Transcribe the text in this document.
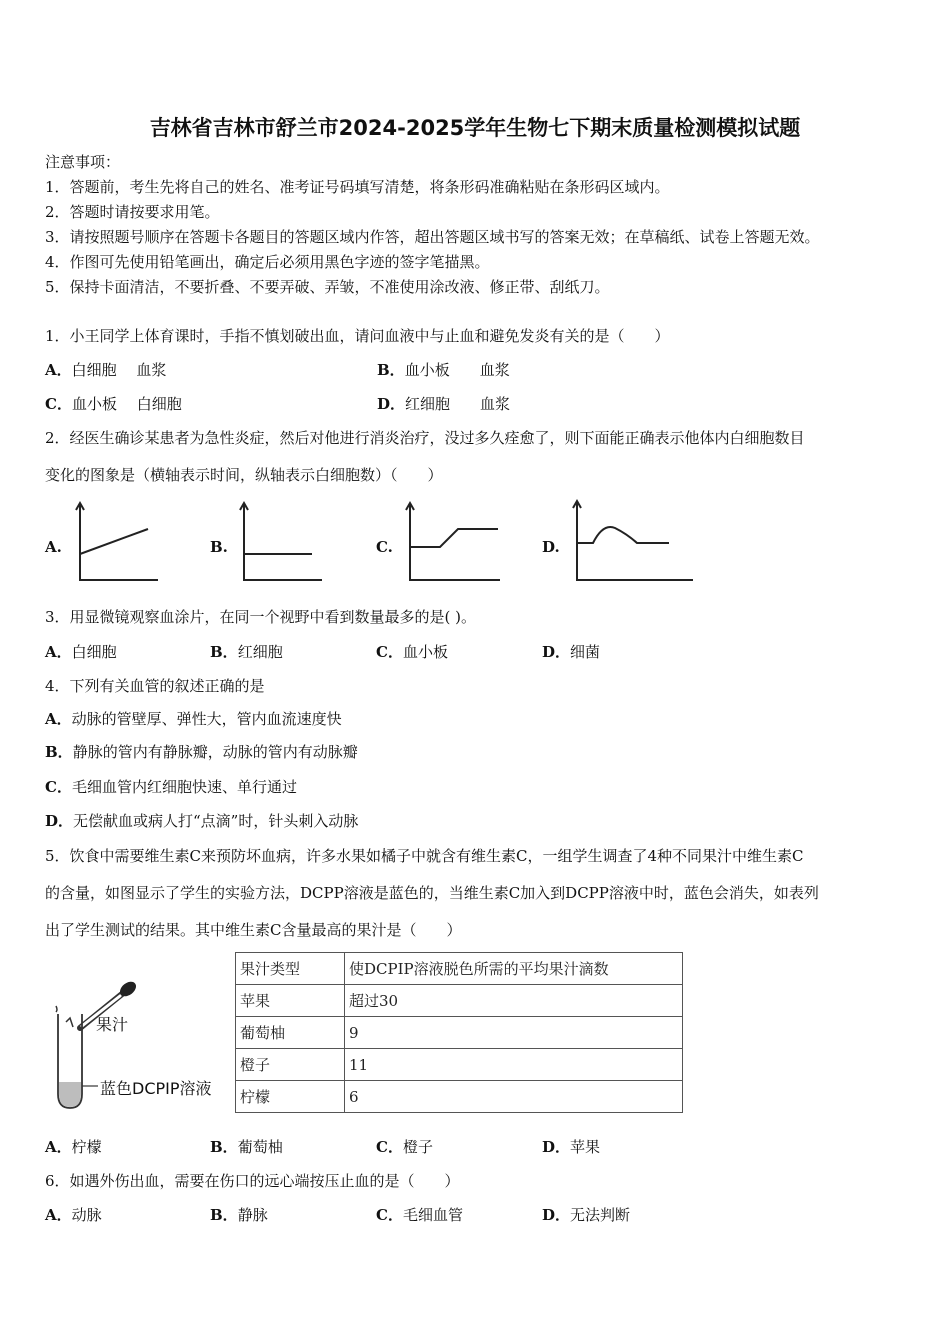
吉林省吉林市舒兰市2024-2025学年生物七下期末质量检测模拟试题
注意事项：
1．答题前，考生先将自己的姓名、准考证号码填写清楚，将条形码准确粘贴在条形码区域内。
2．答题时请按要求用笔。
3．请按照题号顺序在答题卡各题目的答题区域内作答，超出答题区域书写的答案无效；在草稿纸、试卷上答题无效。
4．作图可先使用铅笔画出，确定后必须用黑色字迹的签字笔描黑。
5．保持卡面清洁，不要折叠、不要弄破、弄皱，不准使用涂改液、修正带、刮纸刀。
1．小王同学上体育课时，手指不慎划破出血，请问血液中与止血和避免发炎有关的是（　　）
A．白细胞　 血浆	B．血小板　　血浆
C．血小板　 白细胞	D．红细胞　　血浆
2．经医生确诊某患者为急性炎症，然后对他进行消炎治疗，没过多久痊愈了，则下面能正确表示他体内白细胞数目
变化的图象是（横轴表示时间，纵轴表示白细胞数）（　　）
A.	B.	C.	D.
3．用显微镜观察血涂片，在同一个视野中看到数量最多的是( )。
A．白细胞	B．红细胞	C．血小板	D．细菌
4．下列有关血管的叙述正确的是
A．动脉的管壁厚、弹性大，管内血流速度快
B．静脉的管内有静脉瓣，动脉的管内有动脉瓣
C．毛细血管内红细胞快速、单行通过
D．无偿献血或病人打“点滴”时，针头刺入动脉
5．饮食中需要维生素C来预防坏血病，许多水果如橘子中就含有维生素C，一组学生调查了4种不同果汁中维生素C
的含量，如图显示了学生的实验方法，DCPP溶液是蓝色的，当维生素C加入到DCPP溶液中时，蓝色会消失，如表列
出了学生测试的结果。其中维生素C含量最高的果汁是（　　）
果汁
蓝色DCPIP溶液
果汁类型	使DCPIP溶液脱色所需的平均果汁滴数
苹果	超过30
葡萄柚	9
橙子	11
柠檬	6
A．柠檬	B．葡萄柚	C．橙子	D．苹果
6．如遇外伤出血，需要在伤口的远心端按压止血的是（　　）
A．动脉	B．静脉	C．毛细血管	D．无法判断
